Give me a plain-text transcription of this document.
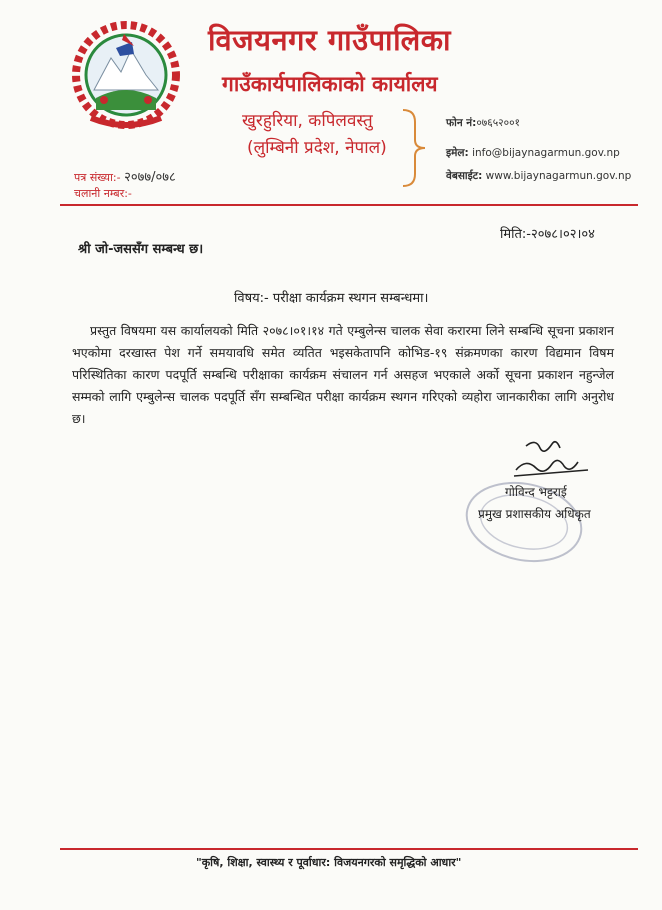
विजयनगर गाउँपालिका
गाउँकार्यपालिकाको कार्यालय
खुरहुरिया, कपिलवस्तु
(लुम्बिनी प्रदेश, नेपाल)
फोन नं:०७६५२००१
इमेल: info@bijaynagarmun.gov.np
वेबसाईट: www.bijaynagarmun.gov.np
पत्र संख्या:- २०७७/०७८
चलानी नम्बर:-
मिति:-२०७८।०२।०४
श्री जो-जससँग सम्बन्ध छ।
विषय:- परीक्षा कार्यक्रम स्थगन सम्बन्धमा।
प्रस्तुत विषयमा यस कार्यालयको मिति २०७८।०१।१४ गते एम्बुलेन्स चालक सेवा करारमा लिने सम्बन्धि सूचना प्रकाशन भएकोमा दरखास्त पेश गर्ने समयावधि समेत व्यतित भइसकेतापनि कोभिड-१९ संक्रमणका कारण विद्यमान विषम परिस्थितिका कारण पदपूर्ति सम्बन्धि परीक्षाका कार्यक्रम संचालन गर्न असहज भएकाले अर्को सूचना प्रकाशन नहुन्जेल सम्मको लागि एम्बुलेन्स चालक पदपूर्ति सँग सम्बन्धित परीक्षा कार्यक्रम स्थगन गरिएको व्यहोरा जानकारीका लागि अनुरोध छ।
गोविन्द भट्टराई
प्रमुख प्रशासकीय अधिकृत
"कृषि, शिक्षा, स्वास्थ्य र पूर्वाधार: विजयनगरको समृद्धिको आधार"
